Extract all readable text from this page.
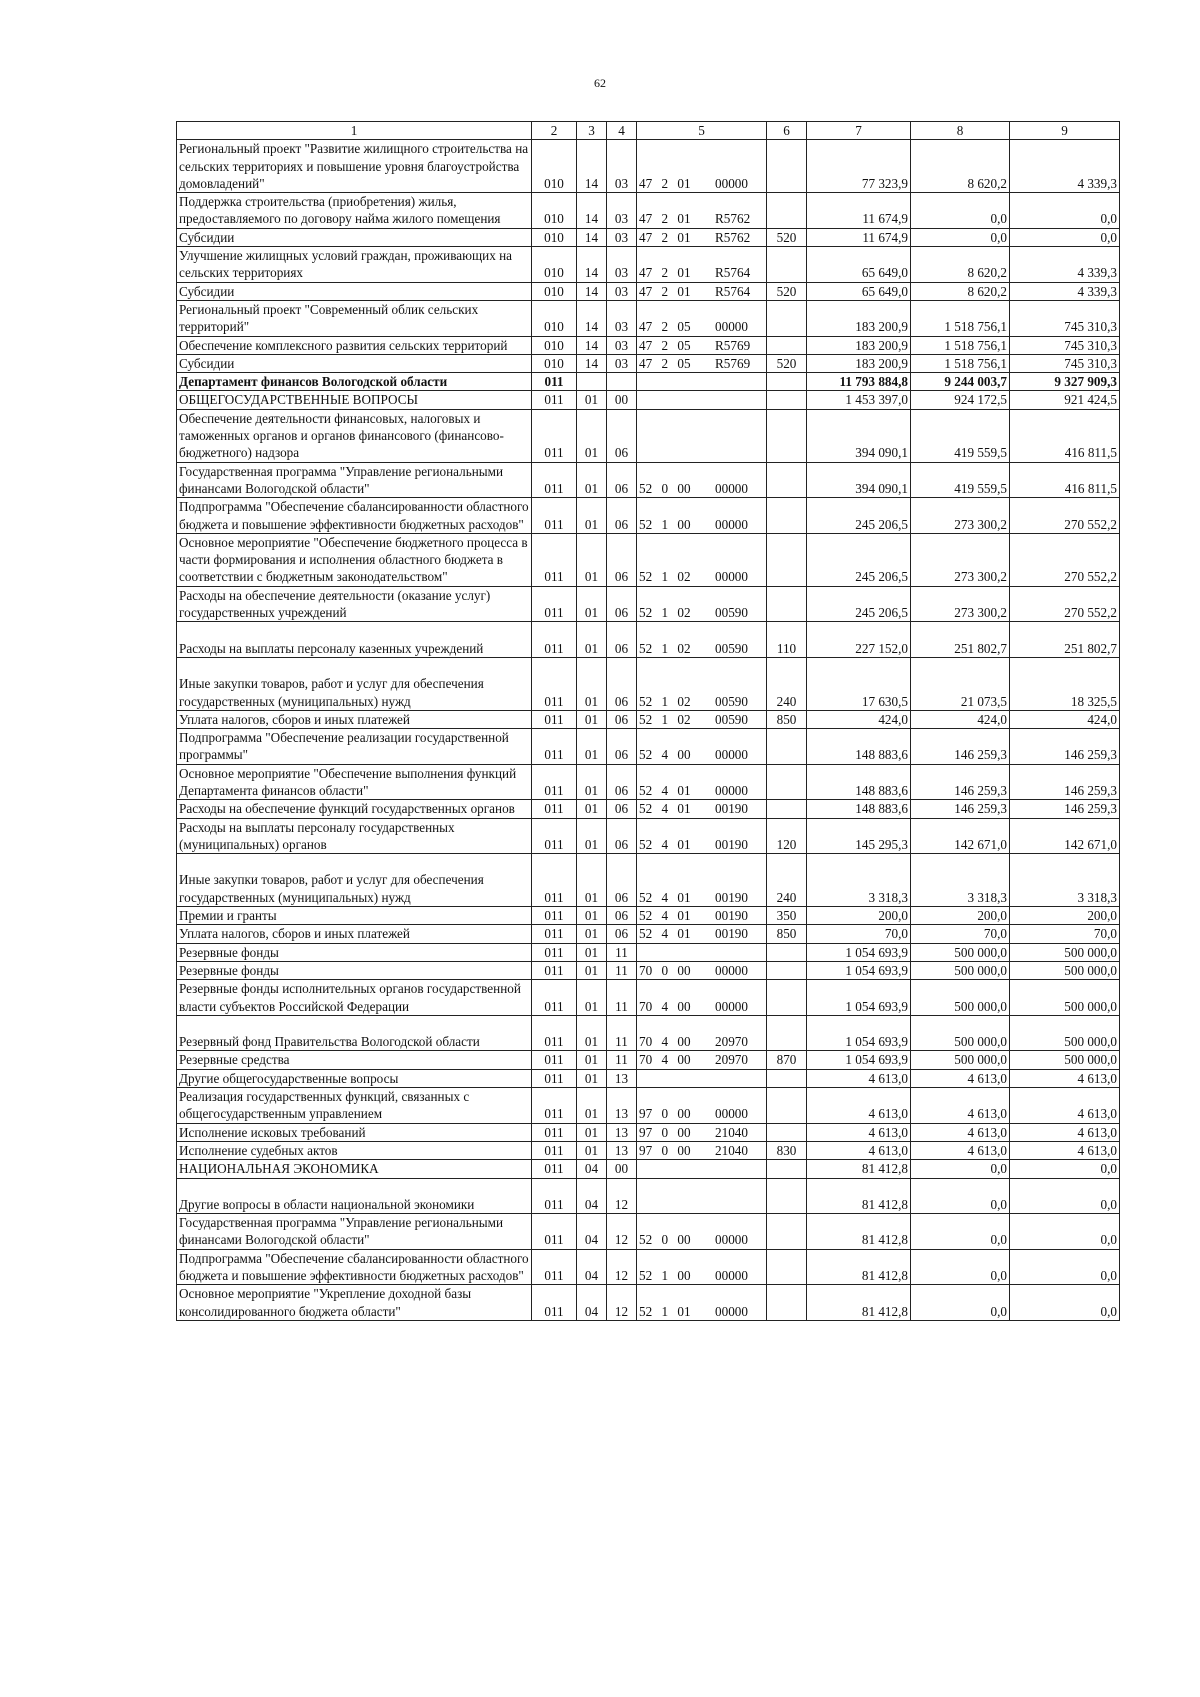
62
1	2	3	4	5	6	7	8	9
Региональный проект "Развитие жилищного строительства на сельских территориях и повышение уровня благоустройства домовладений"	010	14	03	47 2 01 00000		77 323,9	8 620,2	4 339,3
Поддержка строительства (приобретения) жилья, предоставляемого по договору найма жилого помещения	010	14	03	47 2 01 R5762		11 674,9	0,0	0,0
Субсидии	010	14	03	47 2 01 R5762	520	11 674,9	0,0	0,0
Улучшение жилищных условий граждан, проживающих на сельских территориях	010	14	03	47 2 01 R5764		65 649,0	8 620,2	4 339,3
Субсидии	010	14	03	47 2 01 R5764	520	65 649,0	8 620,2	4 339,3
Региональный проект "Современный облик сельских территорий"	010	14	03	47 2 05 00000		183 200,9	1 518 756,1	745 310,3
Обеспечение комплексного развития сельских территорий	010	14	03	47 2 05 R5769		183 200,9	1 518 756,1	745 310,3
Субсидии	010	14	03	47 2 05 R5769	520	183 200,9	1 518 756,1	745 310,3
Департамент финансов Вологодской области	011					11 793 884,8	9 244 003,7	9 327 909,3
ОБЩЕГОСУДАРСТВЕННЫЕ ВОПРОСЫ	011	01	00			1 453 397,0	924 172,5	921 424,5
Обеспечение деятельности финансовых, налоговых и таможенных органов и органов финансового (финансово-бюджетного) надзора	011	01	06			394 090,1	419 559,5	416 811,5
Государственная программа "Управление региональными финансами Вологодской области"	011	01	06	52 0 00 00000		394 090,1	419 559,5	416 811,5
Подпрограмма "Обеспечение сбалансированности областного бюджета и повышение эффективности бюджетных расходов"	011	01	06	52 1 00 00000		245 206,5	273 300,2	270 552,2
Основное мероприятие "Обеспечение бюджетного процесса в части формирования и исполнения областного бюджета в соответствии с бюджетным законодательством"	011	01	06	52 1 02 00000		245 206,5	273 300,2	270 552,2
Расходы на обеспечение деятельности (оказание услуг) государственных учреждений	011	01	06	52 1 02 00590		245 206,5	273 300,2	270 552,2
Расходы на выплаты персоналу казенных учреждений	011	01	06	52 1 02 00590	110	227 152,0	251 802,7	251 802,7
Иные закупки товаров, работ и услуг для обеспечения государственных (муниципальных) нужд	011	01	06	52 1 02 00590	240	17 630,5	21 073,5	18 325,5
Уплата налогов, сборов и иных платежей	011	01	06	52 1 02 00590	850	424,0	424,0	424,0
Подпрограмма "Обеспечение реализации государственной программы"	011	01	06	52 4 00 00000		148 883,6	146 259,3	146 259,3
Основное мероприятие "Обеспечение выполнения функций Департамента финансов области"	011	01	06	52 4 01 00000		148 883,6	146 259,3	146 259,3
Расходы на обеспечение функций государственных органов	011	01	06	52 4 01 00190		148 883,6	146 259,3	146 259,3
Расходы на выплаты персоналу государственных (муниципальных) органов	011	01	06	52 4 01 00190	120	145 295,3	142 671,0	142 671,0
Иные закупки товаров, работ и услуг для обеспечения государственных (муниципальных) нужд	011	01	06	52 4 01 00190	240	3 318,3	3 318,3	3 318,3
Премии и гранты	011	01	06	52 4 01 00190	350	200,0	200,0	200,0
Уплата налогов, сборов и иных платежей	011	01	06	52 4 01 00190	850	70,0	70,0	70,0
Резервные фонды	011	01	11			1 054 693,9	500 000,0	500 000,0
Резервные фонды	011	01	11	70 0 00 00000		1 054 693,9	500 000,0	500 000,0
Резервные фонды исполнительных органов государственной власти субъектов Российской Федерации	011	01	11	70 4 00 00000		1 054 693,9	500 000,0	500 000,0
Резервный фонд Правительства Вологодской области	011	01	11	70 4 00 20970		1 054 693,9	500 000,0	500 000,0
Резервные средства	011	01	11	70 4 00 20970	870	1 054 693,9	500 000,0	500 000,0
Другие общегосударственные вопросы	011	01	13			4 613,0	4 613,0	4 613,0
Реализация государственных функций, связанных с общегосударственным управлением	011	01	13	97 0 00 00000		4 613,0	4 613,0	4 613,0
Исполнение исковых требований	011	01	13	97 0 00 21040		4 613,0	4 613,0	4 613,0
Исполнение судебных актов	011	01	13	97 0 00 21040	830	4 613,0	4 613,0	4 613,0
НАЦИОНАЛЬНАЯ ЭКОНОМИКА	011	04	00			81 412,8	0,0	0,0
Другие вопросы в области национальной экономики	011	04	12			81 412,8	0,0	0,0
Государственная программа "Управление региональными финансами Вологодской области"	011	04	12	52 0 00 00000		81 412,8	0,0	0,0
Подпрограмма "Обеспечение сбалансированности областного бюджета и повышение эффективности бюджетных расходов"	011	04	12	52 1 00 00000		81 412,8	0,0	0,0
Основное мероприятие "Укрепление доходной базы консолидированного бюджета области"	011	04	12	52 1 01 00000		81 412,8	0,0	0,0
